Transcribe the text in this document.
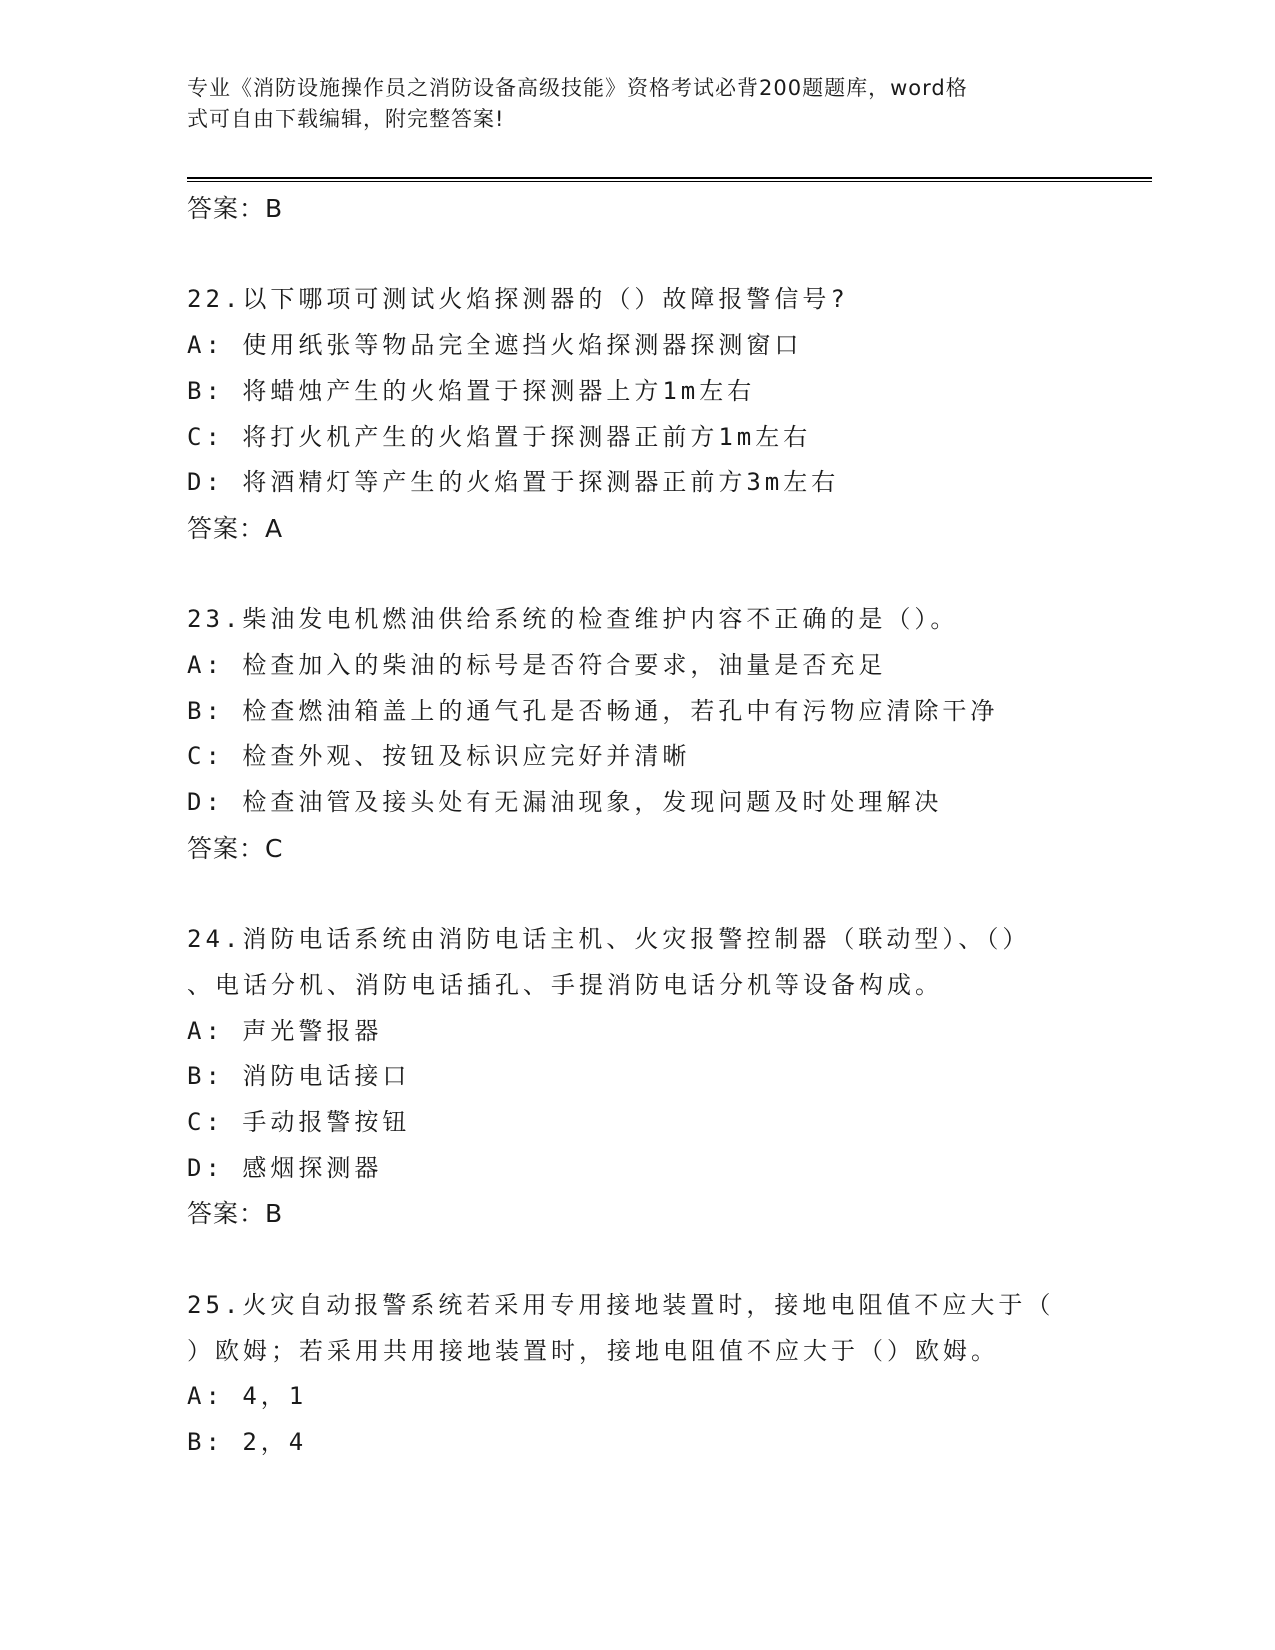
专业《消防设施操作员之消防设备高级技能》资格考试必背200题题库，word格
式可自由下载编辑，附完整答案!
答案：B
22.以下哪项可测试火焰探测器的（）故障报警信号?
A: 使用纸张等物品完全遮挡火焰探测器探测窗口
B: 将蜡烛产生的火焰置于探测器上方1m左右
C: 将打火机产生的火焰置于探测器正前方1m左右
D: 将酒精灯等产生的火焰置于探测器正前方3m左右
答案：A
23.柴油发电机燃油供给系统的检查维护内容不正确的是（）。
A: 检查加入的柴油的标号是否符合要求，油量是否充足
B: 检查燃油箱盖上的通气孔是否畅通，若孔中有污物应清除干净
C: 检查外观、按钮及标识应完好并清晰
D: 检查油管及接头处有无漏油现象，发现问题及时处理解决
答案：C
24.消防电话系统由消防电话主机、火灾报警控制器（联动型）、（）
、电话分机、消防电话插孔、手提消防电话分机等设备构成。
A: 声光警报器
B: 消防电话接口
C: 手动报警按钮
D: 感烟探测器
答案：B
25.火灾自动报警系统若采用专用接地装置时，接地电阻值不应大于（
）欧姆；若采用共用接地装置时，接地电阻值不应大于（）欧姆。
A: 4，1
B: 2，4
